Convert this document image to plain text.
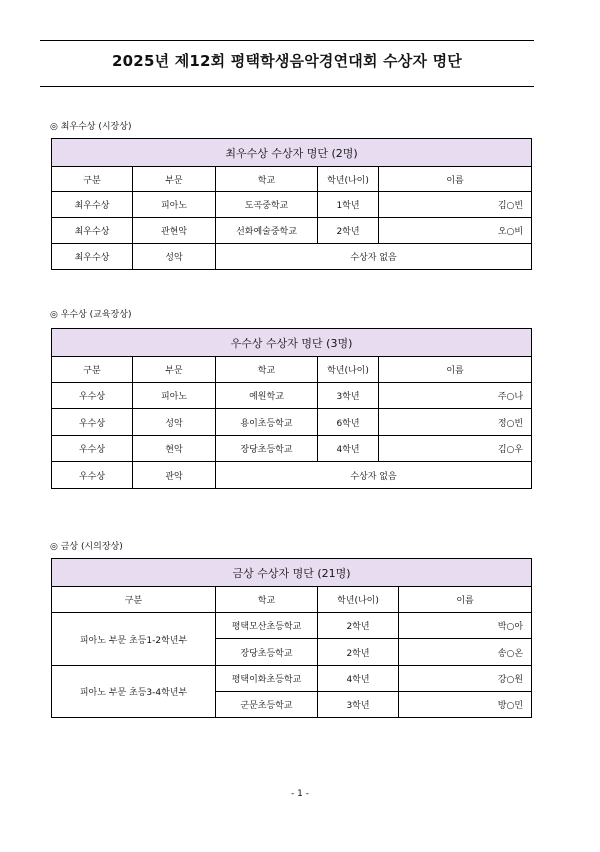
2025년 제12회 평택학생음악경연대회 수상자 명단
◎ 최우수상 (시장상)
최우수상 수상자 명단 (2명)				
구분	부문	학교	학년(나이)	이름
최우수상	피아노	도곡중학교	1학년	김○빈
최우수상	관현악	선화예술중학교	2학년	오○비
최우수상	성악	수상자 없음		
◎ 우수상 (교육장상)
우수상 수상자 명단 (3명)				
구분	부문	학교	학년(나이)	이름
우수상	피아노	예원학교	3학년	주○나
우수상	성악	용이초등학교	6학년	정○빈
우수상	현악	장당초등학교	4학년	김○우
우수상	관악	수상자 없음		
◎ 금상 (시의장상)
금상 수상자 명단 (21명)			
구분	학교	학년(나이)	이름
피아노 부문 초등1-2학년부	평택모산초등학교	2학년	박○아
	장당초등학교	2학년	송○온
피아노 부문 초등3-4학년부	평택이화초등학교	4학년	강○원
	군문초등학교	3학년	방○민
- 1 -
